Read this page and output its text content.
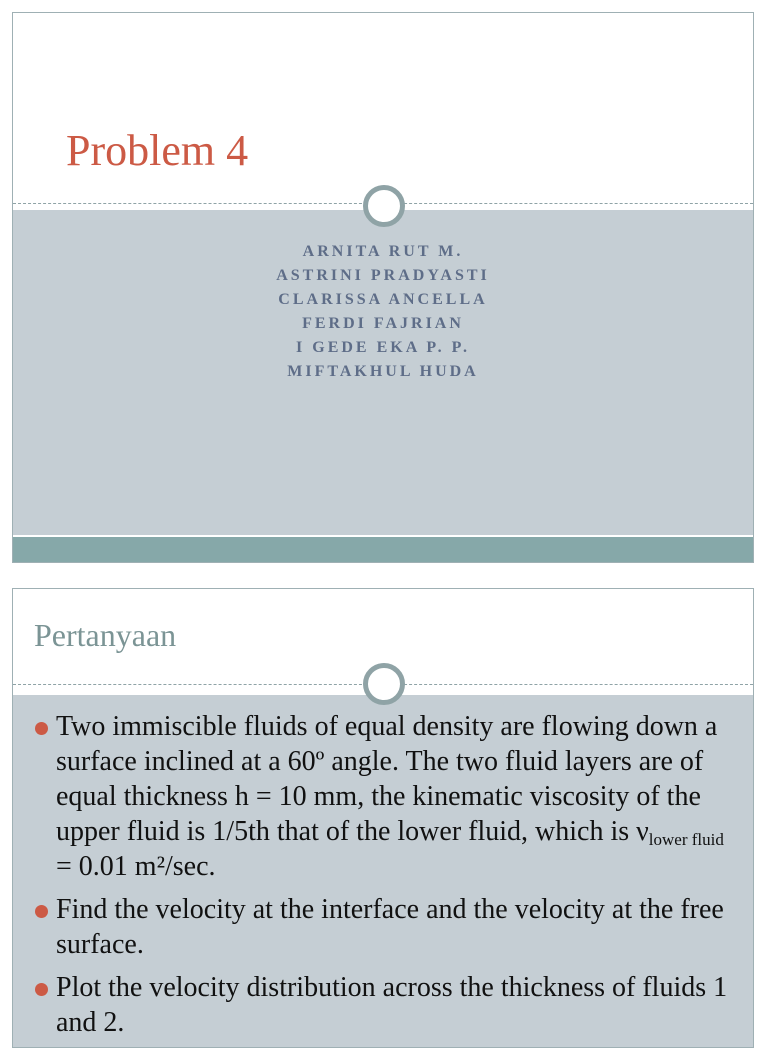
Problem 4
ARNITA RUT M.
ASTRINI PRADYASTI
CLARISSA ANCELLA
FERDI FAJRIAN
I GEDE EKA P. P.
MIFTAKHUL HUDA
Pertanyaan
Two immiscible fluids of equal density are flowing down a surface inclined at a 60º angle. The two fluid layers are of equal thickness h = 10 mm, the kinematic viscosity of the upper fluid is 1/5th that of the lower fluid, which is $\nu_{lower fluid} = 0.01$ m²/sec.
Find the velocity at the interface and the velocity at the free surface.
Plot the velocity distribution across the thickness of fluids 1 and 2.
